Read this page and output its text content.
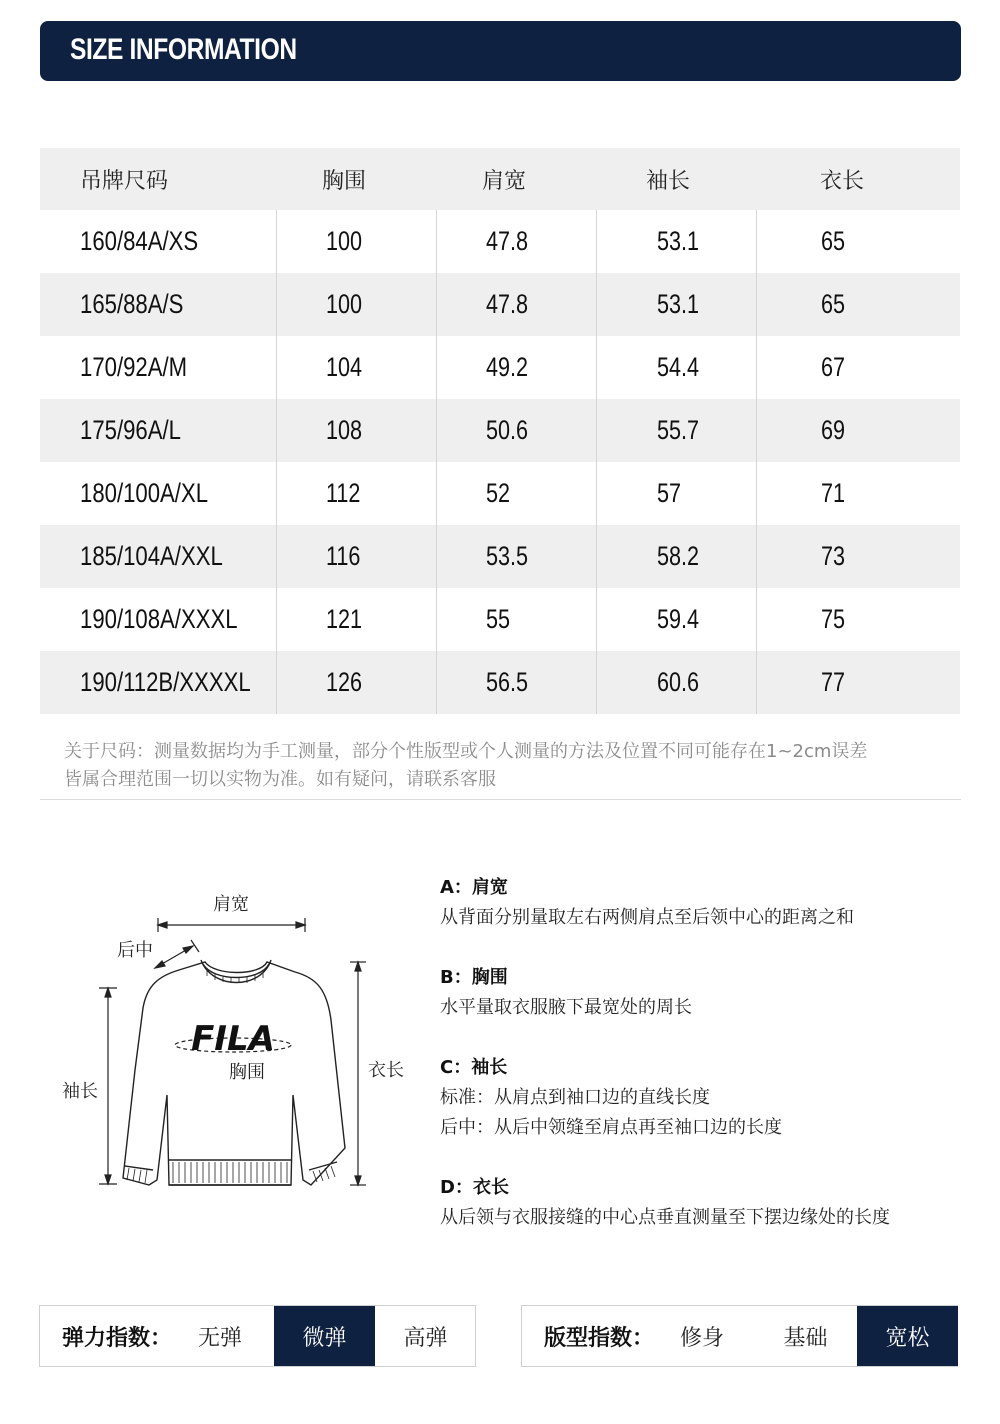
SIZE INFORMATION
吊牌尺码	胸围	肩宽	袖长	衣长
160/84A/XS	100	47.8	53.1	65
165/88A/S	100	47.8	53.1	65
170/92A/M	104	49.2	54.4	67
175/96A/L	108	50.6	55.7	69
180/100A/XL	112	52	57	71
185/104A/XXL	116	53.5	58.2	73
190/108A/XXXL	121	55	59.4	75
190/112B/XXXXL	126	56.5	60.6	77
关于尺码：测量数据均为手工测量，部分个性版型或个人测量的方法及位置不同可能存在1~2cm误差
皆属合理范围一切以实物为准。如有疑问，请联系客服
FILA
肩宽
后中
胸围
袖长
衣长
A：肩宽
从背面分别量取左右两侧肩点至后领中心的距离之和
B：胸围
水平量取衣服腋下最宽处的周长
C：袖长
标准：从肩点到袖口边的直线长度
后中：从后中领缝至肩点再至袖口边的长度
D：衣长
从后领与衣服接缝的中心点垂直测量至下摆边缘处的长度
弹力指数：	无弹	微弹	高弹	版型指数：	修身	基础	宽松
